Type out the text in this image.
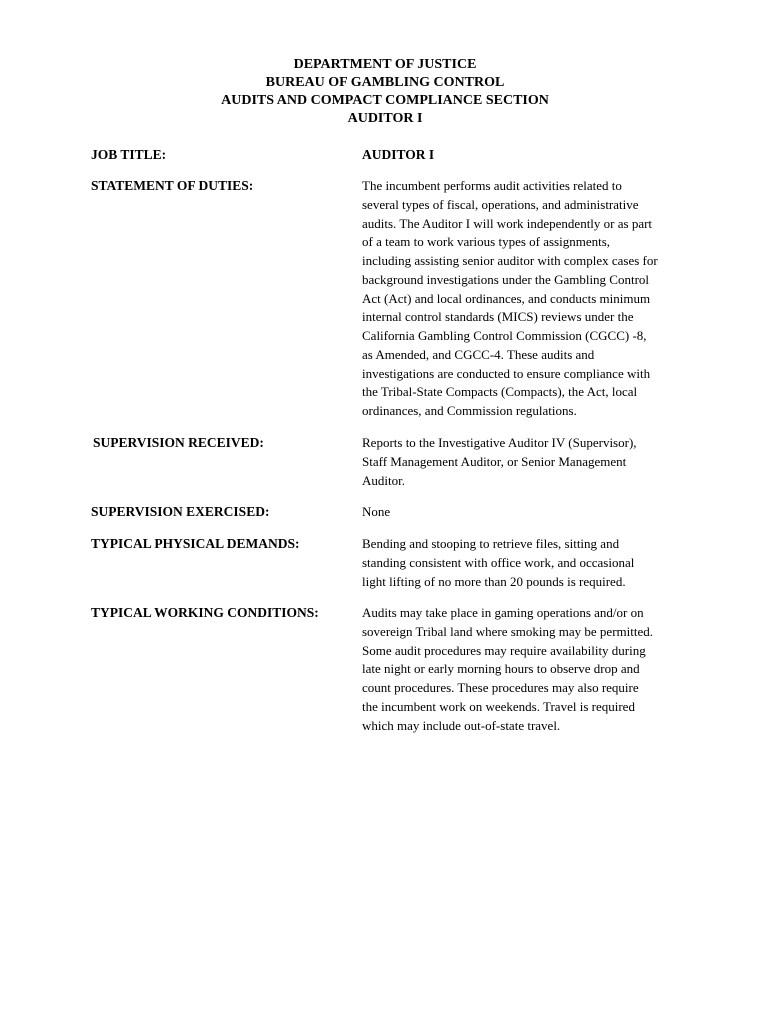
DEPARTMENT OF JUSTICE
BUREAU OF GAMBLING CONTROL
AUDITS AND COMPACT COMPLIANCE SECTION
AUDITOR I
JOB TITLE:	AUDITOR I
STATEMENT OF DUTIES:	The incumbent performs audit activities related to
several types of fiscal, operations, and administrative
audits. The Auditor I will work independently or as part
of a team to work various types of assignments,
including assisting senior auditor with complex cases for
background investigations under the Gambling Control
Act (Act) and local ordinances, and conducts minimum
internal control standards (MICS) reviews under the
California Gambling Control Commission (CGCC) -8,
as Amended, and CGCC-4. These audits and
investigations are conducted to ensure compliance with
the Tribal-State Compacts (Compacts), the Act, local
ordinances, and Commission regulations.
SUPERVISION RECEIVED:	Reports to the Investigative Auditor IV (Supervisor),
Staff Management Auditor, or Senior Management
Auditor.
SUPERVISION EXERCISED:	None
TYPICAL PHYSICAL DEMANDS:	Bending and stooping to retrieve files, sitting and
standing consistent with office work, and occasional
light lifting of no more than 20 pounds is required.
TYPICAL WORKING CONDITIONS:	Audits may take place in gaming operations and/or on
sovereign Tribal land where smoking may be permitted.
Some audit procedures may require availability during
late night or early morning hours to observe drop and
count procedures. These procedures may also require
the incumbent work on weekends. Travel is required
which may include out-of-state travel.
